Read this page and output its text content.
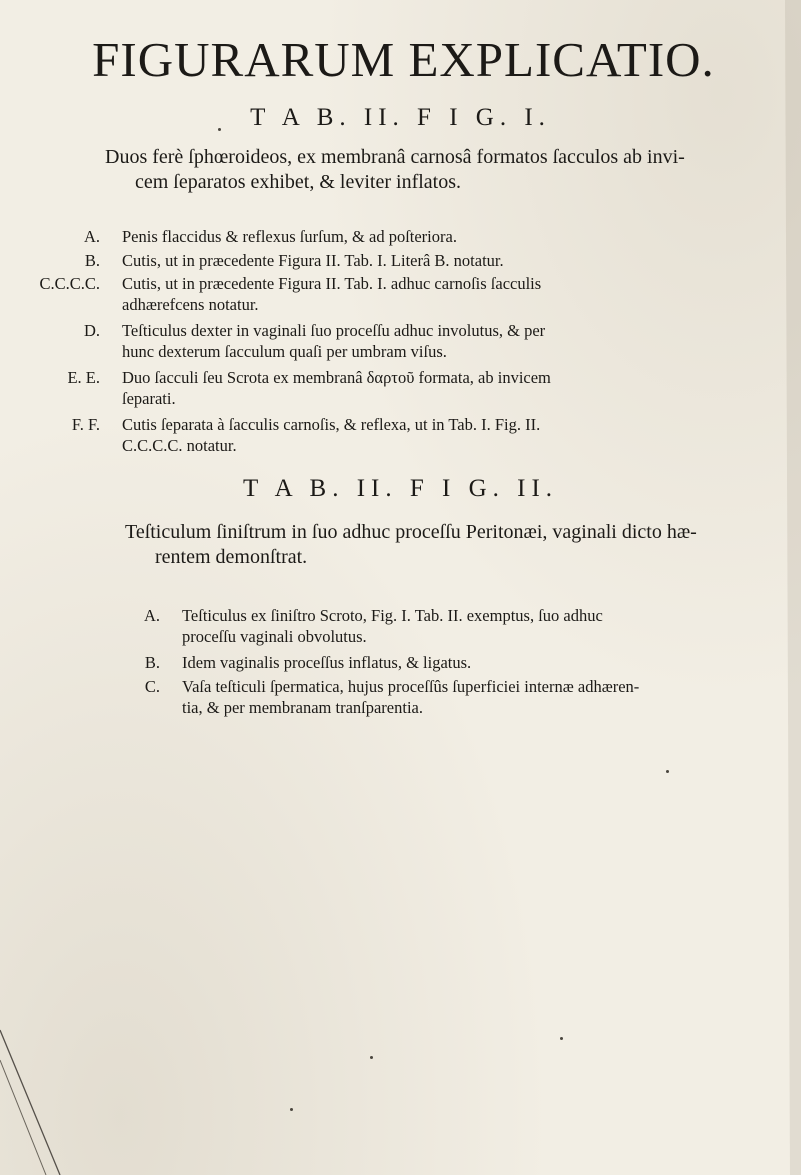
FIGURARUM EXPLICATIO.
T A B. II. F I G. I.

Duos ferè ſphœroideos, ex membranâ carnosâ formatos ſacculos ab invi-

cem ſeparatos exhibet, & leviter inflatos.

A. Penis flaccidus & reflexus ſurſum, & ad poſteriora.
B. Cutis, ut in præcedente Figura II. Tab. I. Literâ B. notatur.
C.C.C.C. Cutis, ut in præcedente Figura II. Tab. I. adhuc carnoſis ſacculis
adhærefcens notatur.
D. Teſticulus dexter in vaginali ſuo proceſſu adhuc involutus, & per
hunc dexterum ſacculum quaſi per umbram viſus.
E. E. Duo ſacculi ſeu Scrota ex membranâ δαρτοῦ formata, ab invicem
ſeparati.
F. F. Cutis ſeparata à ſacculis carnoſis, & reflexa, ut in Tab. I. Fig. II.
C.C.C.C. notatur.
T A B. II. F I G. II.

Teſticulum ſiniſtrum in ſuo adhuc proceſſu Peritonæi, vaginali dicto hæ-

rentem demonſtrat.

A. Teſticulus ex ſiniſtro Scroto, Fig. I. Tab. II. exemptus, ſuo adhuc
proceſſu vaginali obvolutus.
B. Idem vaginalis proceſſus inflatus, & ligatus.
C. Vaſa teſticuli ſpermatica, hujus proceſſûs ſuperficiei internæ adhæren-
tia, & per membranam tranſparentia.
